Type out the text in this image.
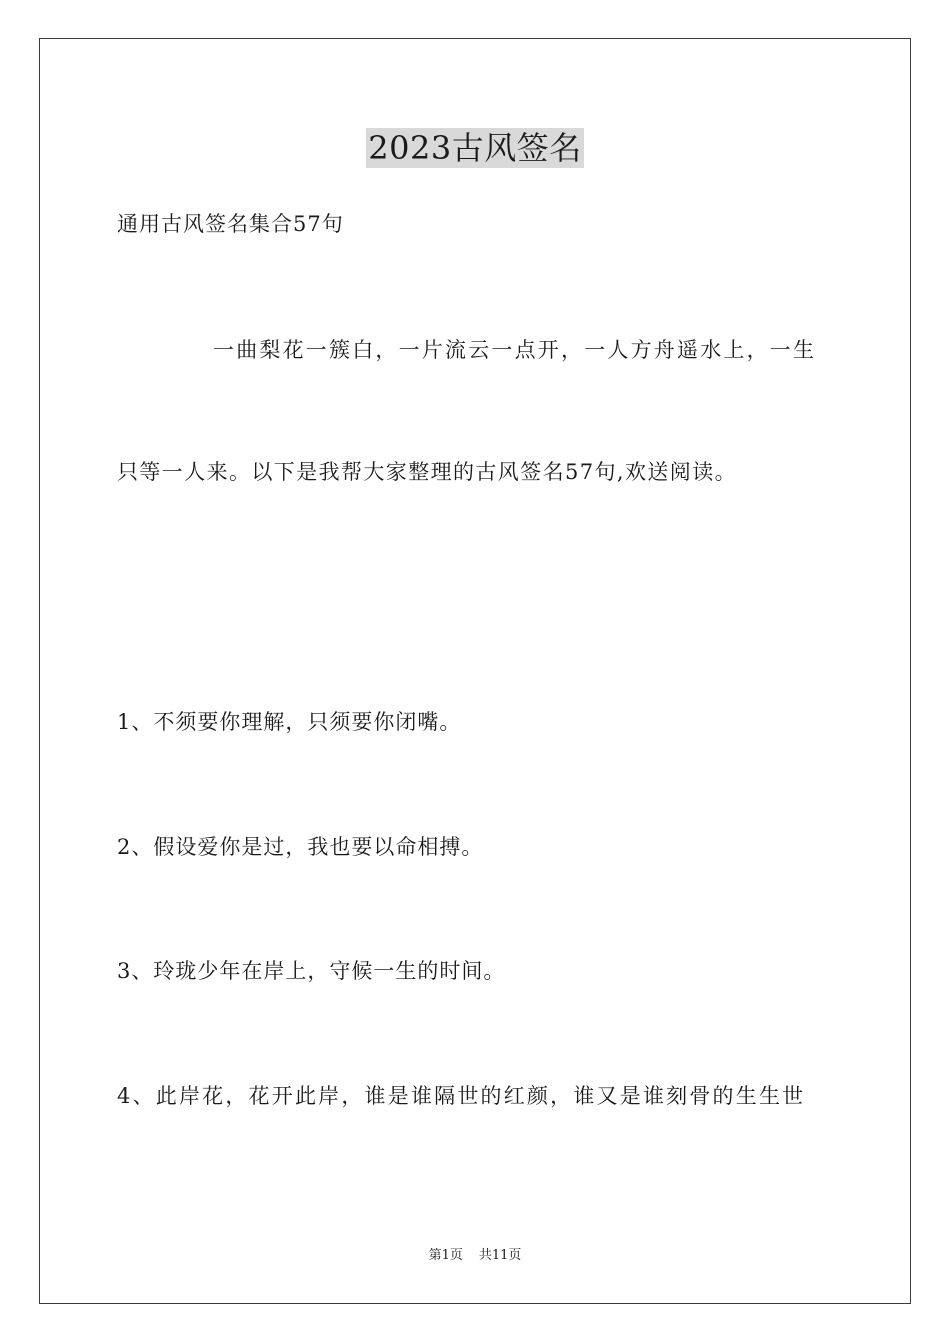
2023古风签名

通用古风签名集合57句

一曲梨花一簇白，一片流云一点开，一人方舟遥水上，一生

只等一人来。以下是我帮大家整理的古风签名57句,欢送阅读。

1、不须要你理解，只须要你闭嘴。

2、假设爱你是过，我也要以命相搏。

3、玲珑少年在岸上，守候一生的时间。

4、此岸花，花开此岸，谁是谁隔世的红颜，谁又是谁刻骨的生生世

第1页 共11页
